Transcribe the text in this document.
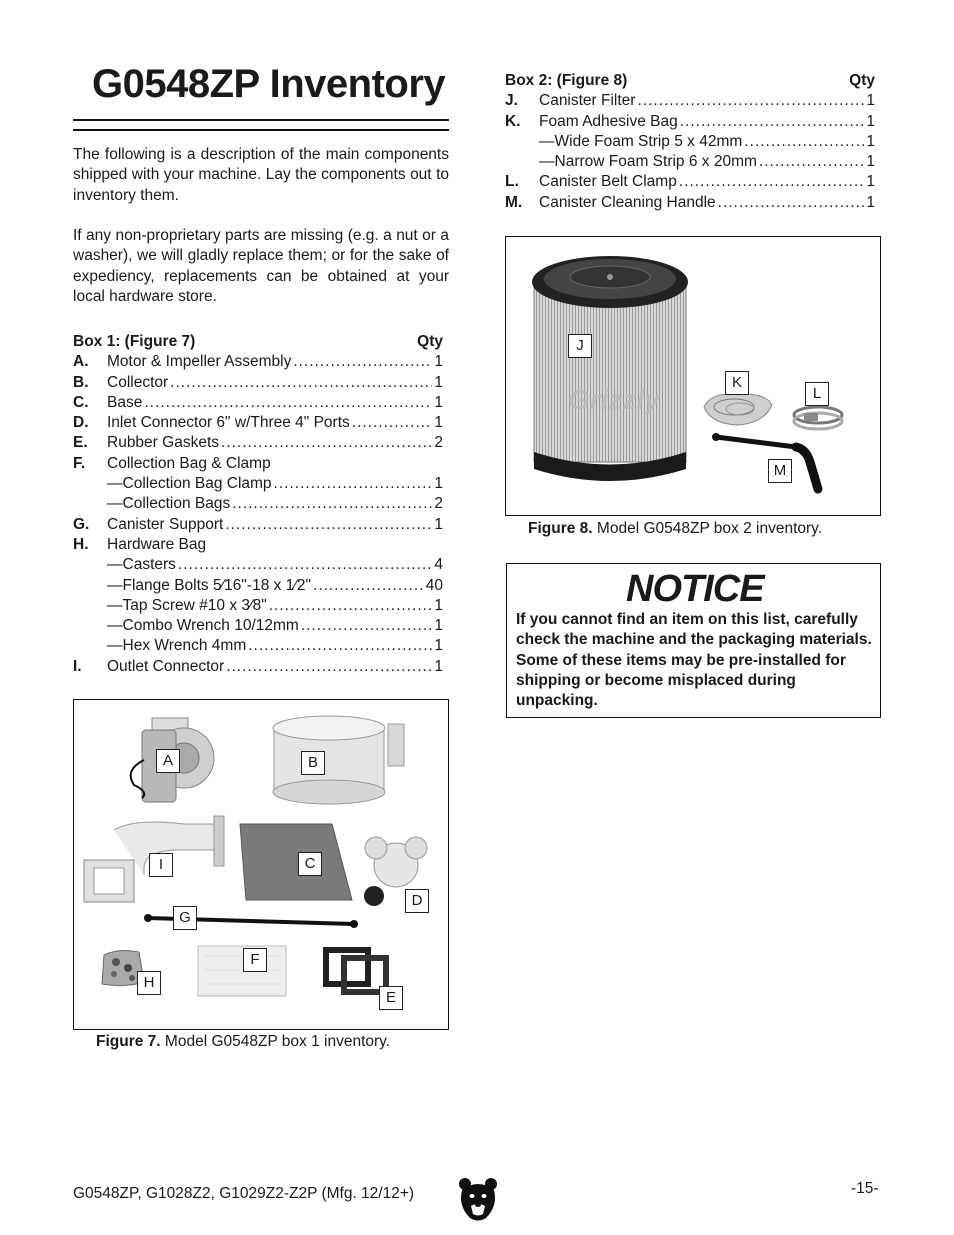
G0548ZP Inventory

The following is a description of the main components shipped with your machine. Lay the components out to inventory them.

If any non-proprietary parts are missing (e.g. a nut or a washer), we will gladly replace them; or for the sake of expediency, replacements can be obtained at your local hardware store.

Box 1: (Figure 7)	Qty
A.	Motor & Impeller Assembly .....	1
B.	Collector .....	1
C.	Base .....	1
D.	Inlet Connector 6" w/Three 4" Ports .....	1
E.	Rubber Gaskets .....	2
F.	Collection Bag & Clamp
—Collection Bag Clamp .....	1
—Collection Bags .....	2
G.	Canister Support .....	1
H.	Hardware Bag
—Casters .....	4
—Flange Bolts 5⁄16"-18 x 1⁄2" .....	40
—Tap Screw #10 x 3⁄8" .....	1
—Combo Wrench 10/12mm .....	1
—Hex Wrench 4mm .....	1
I.	Outlet Connector .....	1
Box 2: (Figure 8)	Qty
J.	Canister Filter .....	1
K.	Foam Adhesive Bag .....	1
—Wide Foam Strip 5 x 42mm .....	1
—Narrow Foam Strip 6 x 20mm .....	1
L.	Canister Belt Clamp .....	1
M.	Canister Cleaning Handle .....	1
Grizzly
J
K
L
M
Figure 8. Model G0548ZP box 2 inventory.
NOTICE
If you cannot find an item on this list, carefully check the machine and the packaging materials. Some of these items may be pre-installed for shipping or become misplaced during unpacking.
A	B
C
D
E
F
G
H
I
Figure 7. Model G0548ZP box 1 inventory.
G0548ZP, G1028Z2, G1029Z2-Z2P (Mfg. 12/12+)	-15-
